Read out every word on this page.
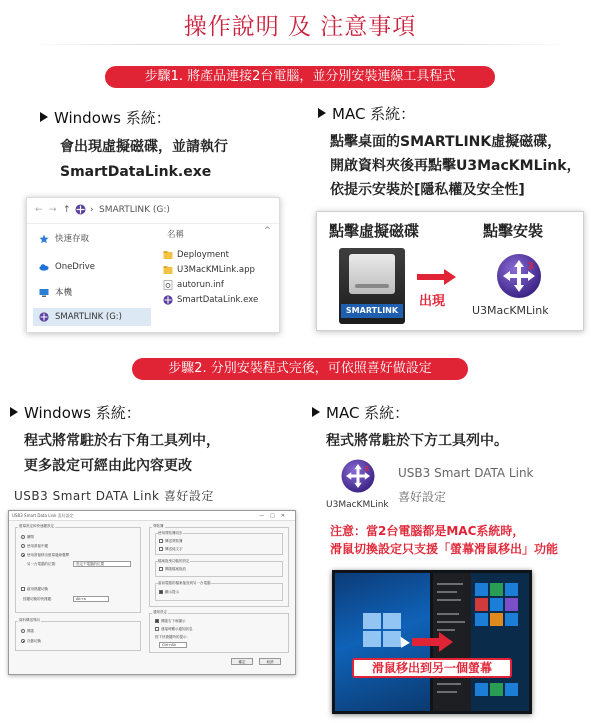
操作說明 及 注意事項
步驟1. 將產品連接2台電腦，並分別安裝連線工具程式
Windows 系統：
會出現虛擬磁碟，並請執行
SmartDataLink.exe
← → ↑ › SMARTLINK (G:)
快速存取
OneDrive
本機
SMARTLINK (G:)
名稱	^
Deployment
U3MacKMLink.app
autorun.inf
SmartDataLink.exe
MAC 系統：
點擊桌面的SMARTLINK虛擬磁碟，
開啟資料夾後再點擊U3MacKMLink，
依提示安裝於[隱私權及安全性]
點擊虛擬磁碟	點擊安裝
SMARTLINK
出現
3
U3MacKMLink
步驟2. 分別安裝程式完後，可依照喜好做設定
Windows 系統：
程式將常駐於右下角工具列中，
更多設定可經由此內容更改
USB3 Smart DATA Link 喜好設定
USB3 Smart Data Link 喜好設定	—□✕
螢幕設定和快速鍵設定
關閉
使用滑鼠中鍵
使用滑鼠移出螢幕邊緣選擇
另一台電腦的位置：	設定不電腦的位置
啟用熱鍵切換
按鍵切換的快捷鍵：	Alt+a
資料傳送導向
開啟
自動切換
剪貼簿
使用剪貼簿同步
傳送剪貼簿
傳送純文字
檔案拖曳功能的設定
開啟檔案拖放
當前電腦的檔案拖放到另一台電腦
顯示提示
通知設定
開啟右下角圖示
連接時顯示通知訊息
按下快捷鍵時的提示：
Ctrl+Alt
確定	取消
MAC 系統：
程式將常駐於下方工具列中。
3
U3MacKMLink
USB3 Smart DATA Link
喜好設定
注意：當2台電腦都是MAC系統時，
滑鼠切換設定只支援「螢幕滑鼠移出」功能
滑鼠移出到另一個螢幕
